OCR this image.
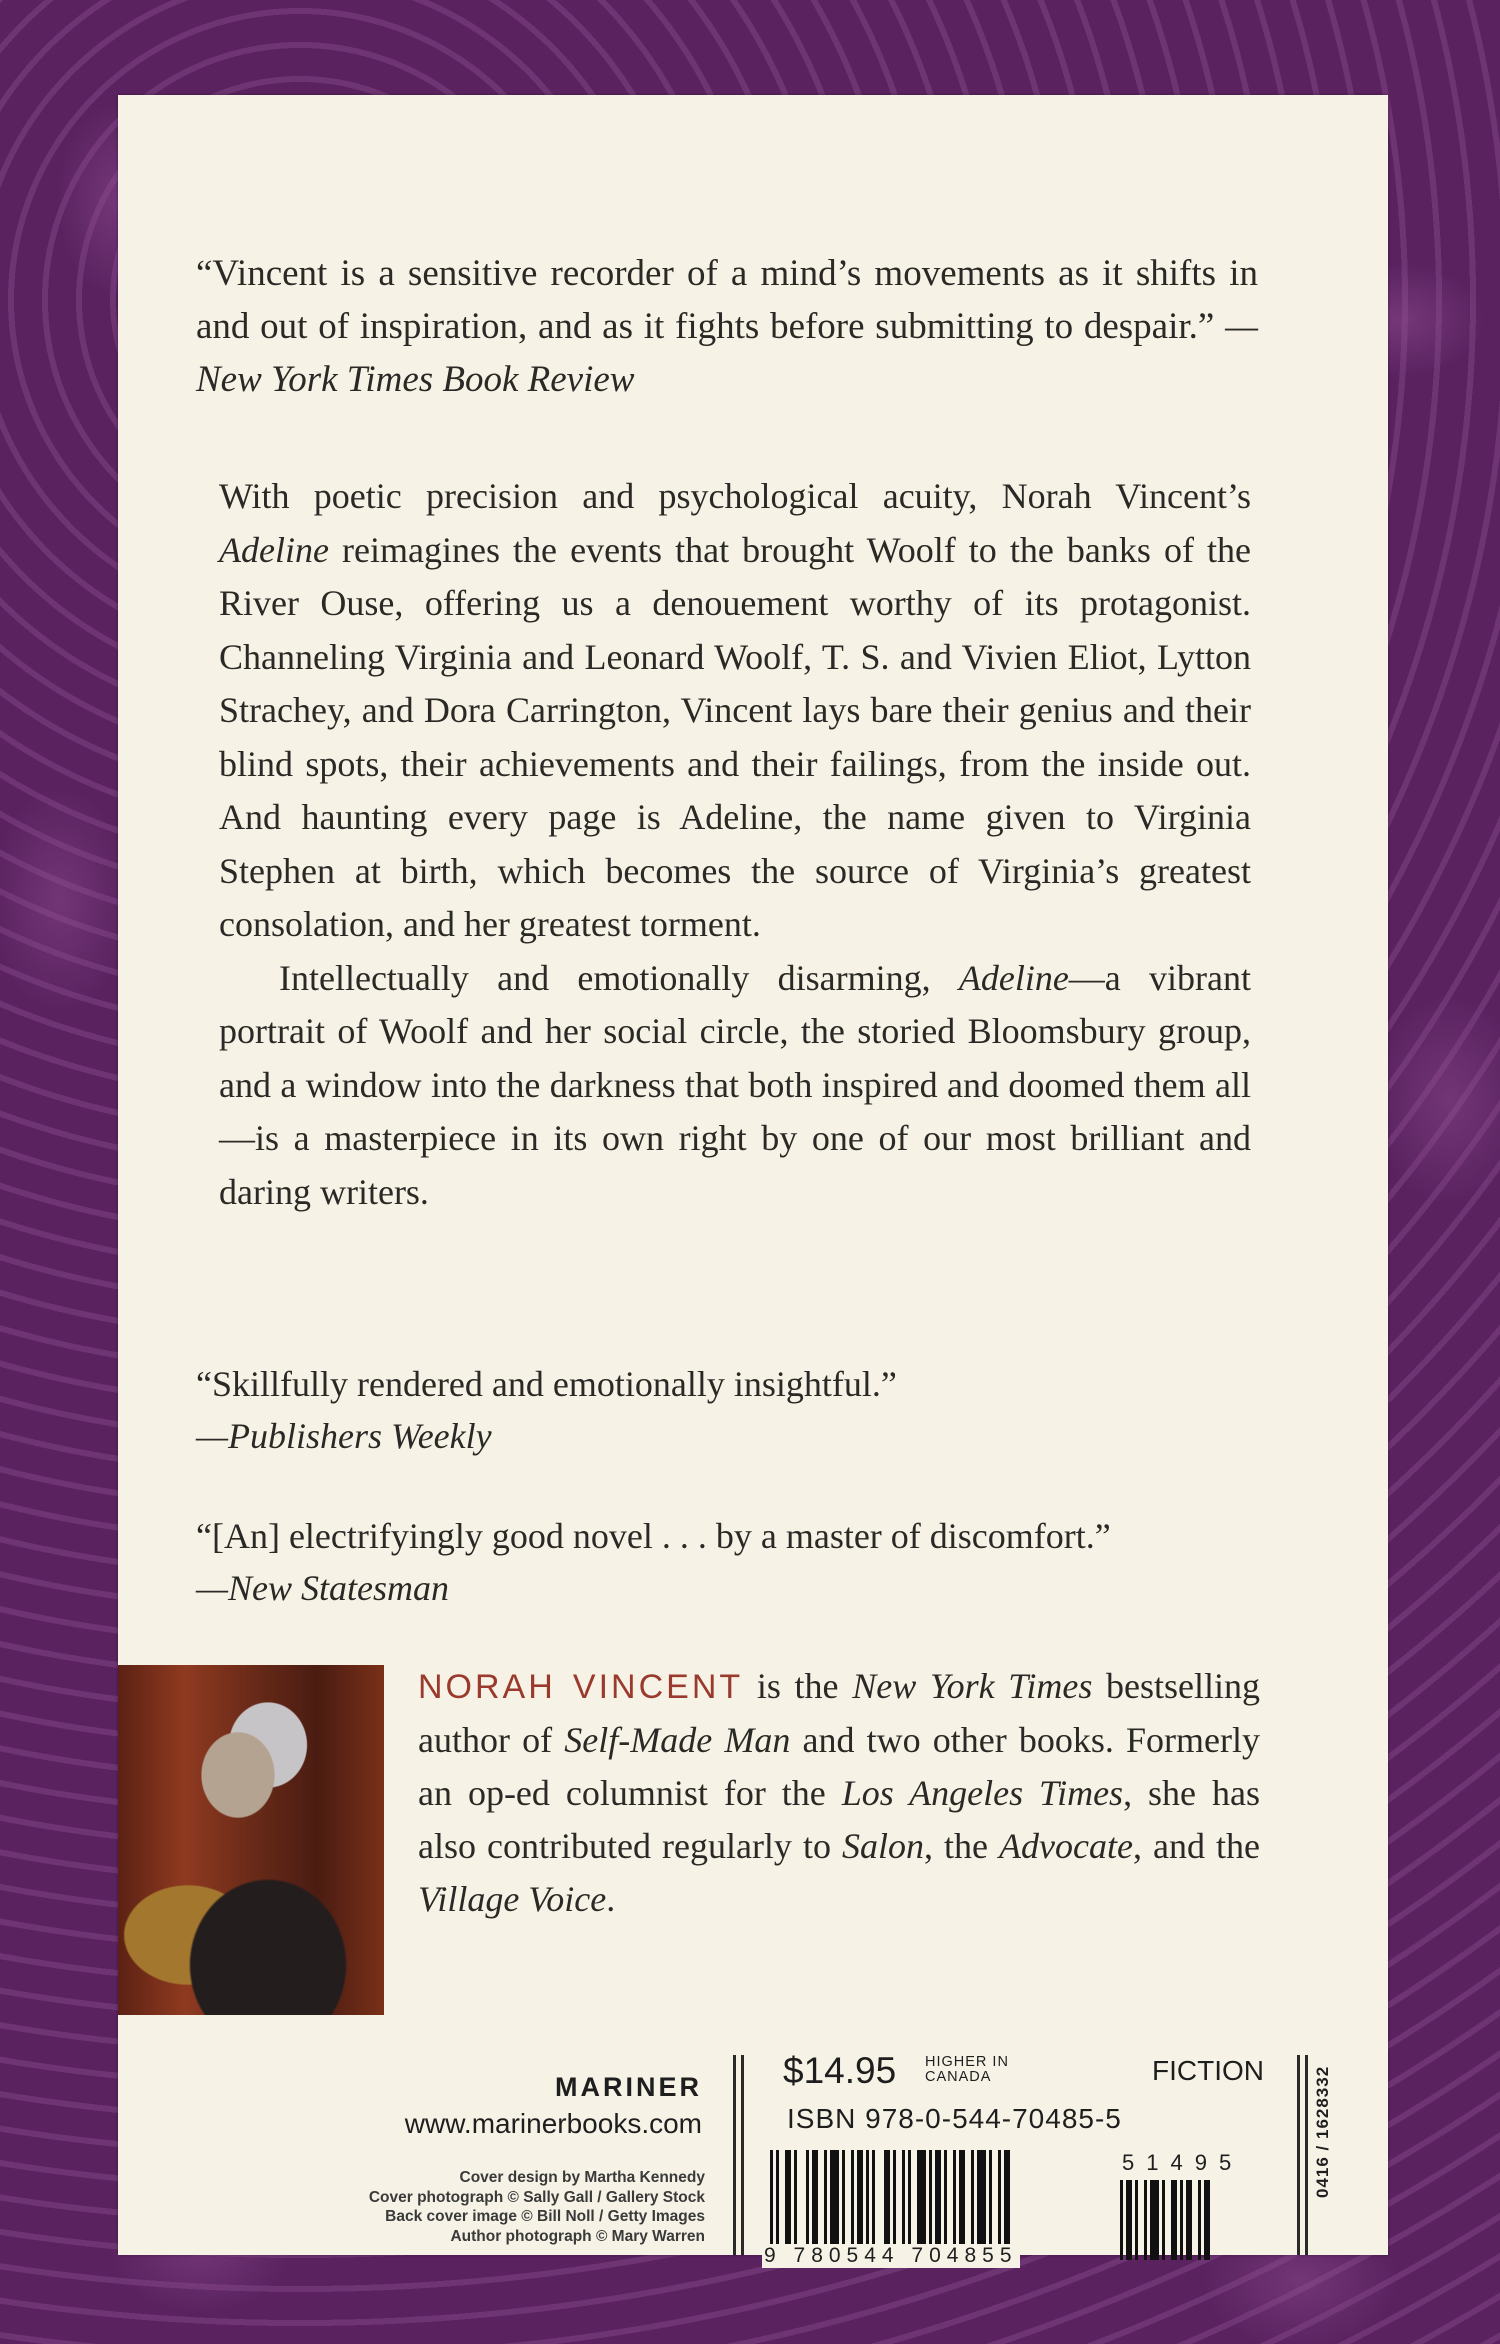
“Vincent is a sensitive recorder of a mind’s movements as it shifts in and out of inspiration, and as it fights before submitting to despair.” —New York Times Book Review

With poetic precision and psychological acuity, Norah Vincent’s Adeline reimagines the events that brought Woolf to the banks of the River Ouse, offering us a denouement worthy of its protagonist. Channeling Virginia and Leonard Woolf, T. S. and Vivien Eliot, Lytton Strachey, and Dora Carrington, Vincent lays bare their genius and their blind spots, their achievements and their failings, from the inside out. And haunting every page is Adeline, the name given to Virginia Stephen at birth, which becomes the source of Virginia’s greatest consolation, and her greatest torment.

Intellectually and emotionally disarming, Adeline—a vibrant portrait of Woolf and her social circle, the storied Bloomsbury group, and a window into the darkness that both inspired and doomed them all—is a masterpiece in its own right by one of our most brilliant and daring writers.

“Skillfully rendered and emotionally insightful.”
—Publishers Weekly
“[An] electrifyingly good novel . . . by a master of discomfort.”
—New Statesman
NORAH VINCENT is the New York Times bestselling author of Self-Made Man and two other books. Formerly an op-ed columnist for the Los Angeles Times, she has also contributed regularly to Salon, the Advocate, and the Village Voice.
MARINER
www.marinerbooks.com
Cover design by Martha Kennedy
Cover photograph © Sally Gall / Gallery Stock
Back cover image © Bill Noll / Getty Images
Author photograph © Mary Warren
$14.95 HIGHER IN
CANADA	FICTION
ISBN 978-0-544-70485-5
9 780544 704855
51495	0416 / 1628332
